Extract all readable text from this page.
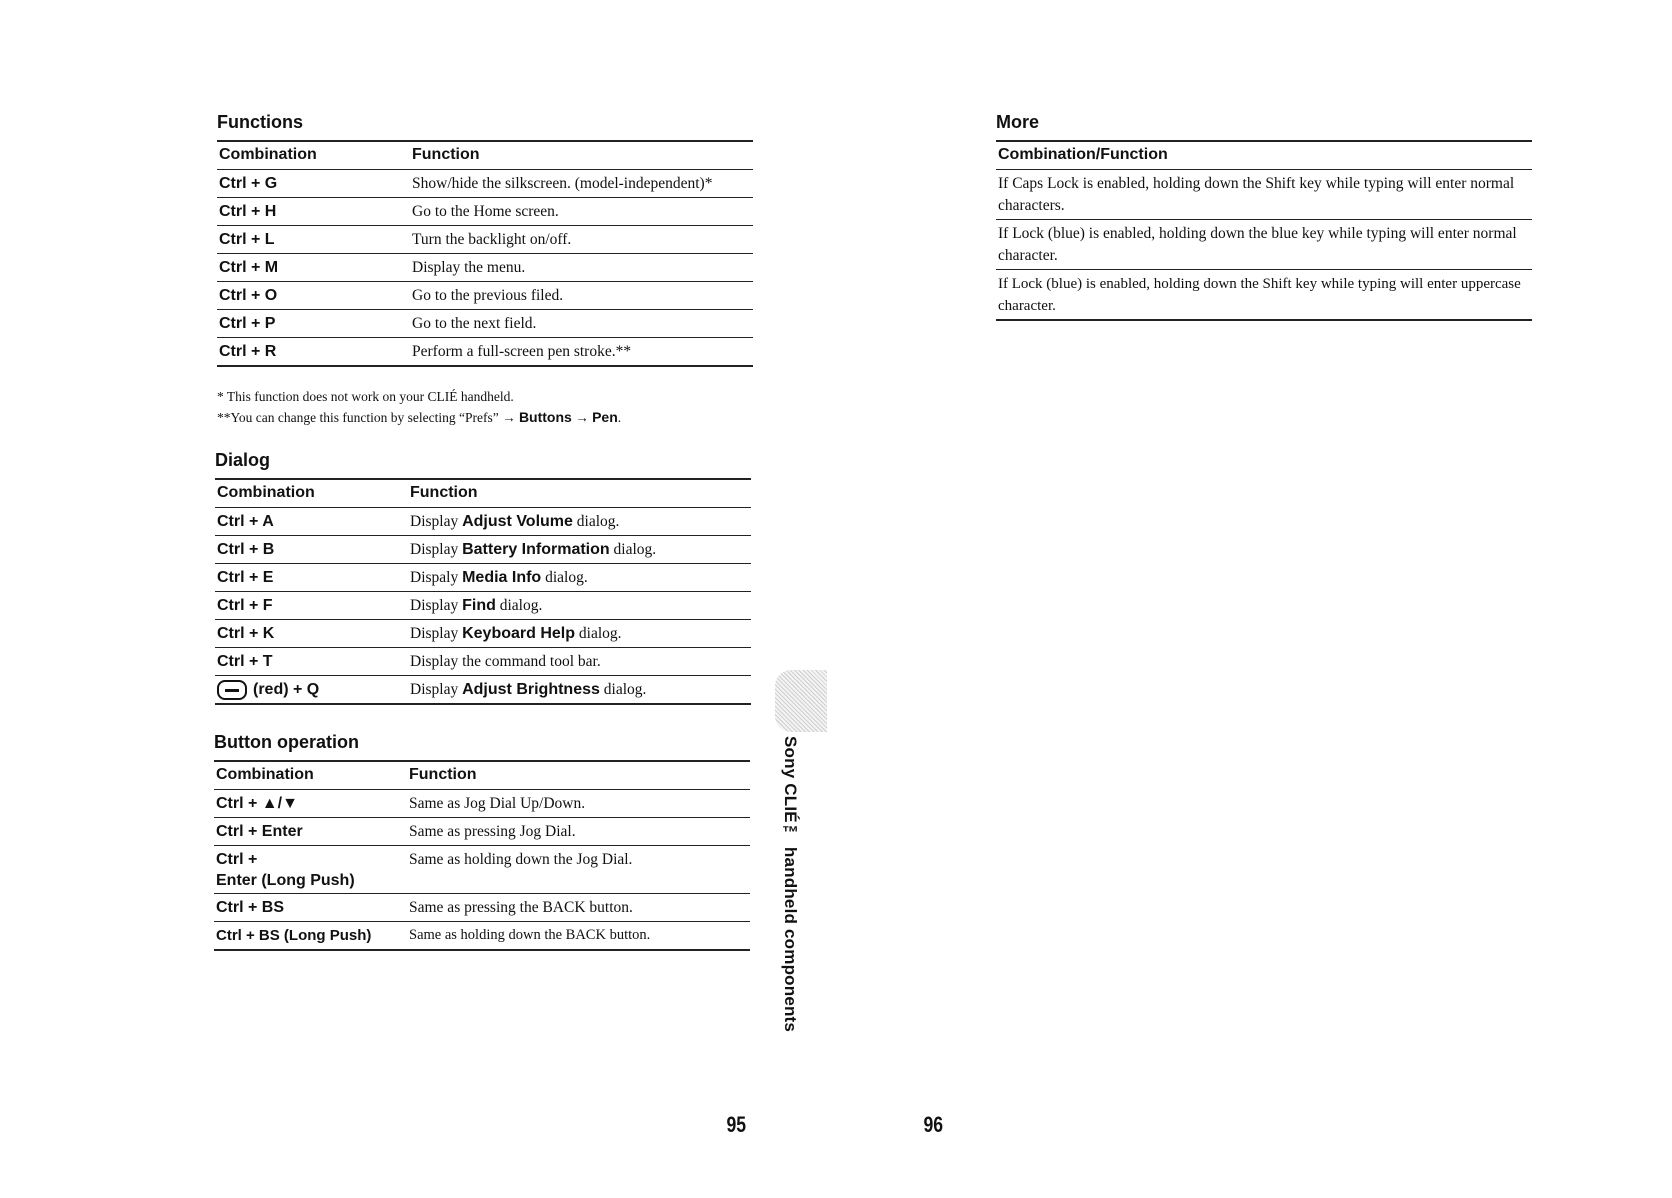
Functions
Combination	Function
Ctrl + G	Show/hide the silkscreen. (model-independent)*
Ctrl + H	Go to the Home screen.
Ctrl + L	Turn the backlight on/off.
Ctrl + M	Display the menu.
Ctrl + O	Go to the previous filed.
Ctrl + P	Go to the next field.
Ctrl + R	Perform a full-screen pen stroke.**
* This function does not work on your CLIÉ handheld.
**You can change this function by selecting “Prefs” → Buttons → Pen.
Dialog
Combination	Function
Ctrl + A	Display Adjust Volume dialog.
Ctrl + B	Display Battery Information dialog.
Ctrl + E	Dispaly Media Info dialog.
Ctrl + F	Display Find dialog.
Ctrl + K	Display Keyboard Help dialog.
Ctrl + T	Display the command tool bar.
(red) + Q	Display Adjust Brightness dialog.
Button operation
Combination	Function
Ctrl + ▲/▼	Same as Jog Dial Up/Down.
Ctrl + Enter	Same as pressing Jog Dial.

Ctrl +
Enter (Long Push)	Same as holding down the Jog Dial.
Ctrl + BS	Same as pressing the BACK button.
Ctrl + BS (Long Push)	Same as holding down the BACK button.
More
Combination/Function
If Caps Lock is enabled, holding down the Shift key while typing will enter normal characters.
If Lock (blue) is enabled, holding down the blue key while typing will enter normal character.
If Lock (blue) is enabled, holding down the Shift key while typing will enter uppercase character.
Sony CLIÉ™ handheld components
95	96
